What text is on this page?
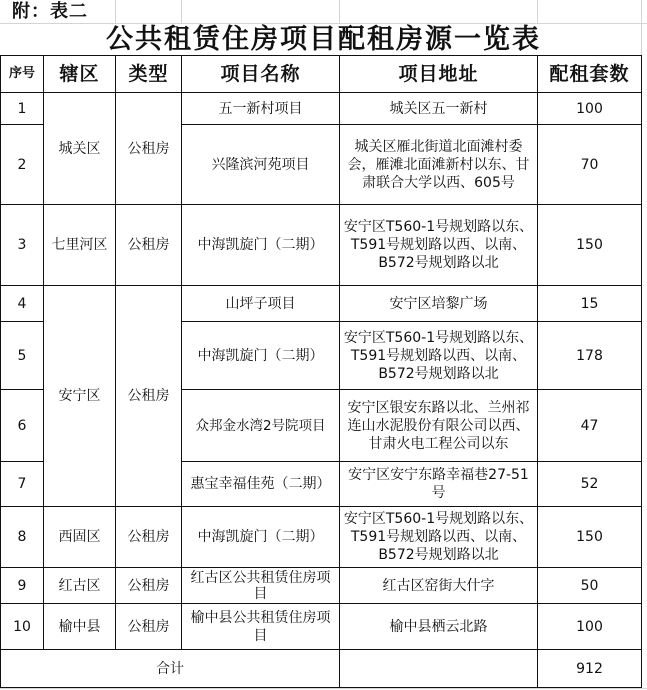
附：表二
公共租赁住房项目配租房源一览表
序号	辖区	类型	项目名称	项目地址	配租套数
1	城关区	公租房	五一新村项目	城关区五一新村	100
2			兴隆滨河苑项目	城关区雁北街道北面滩村委会，雁滩北面滩新村以东、甘肃联合大学以西、605号	70
3	七里河区	公租房	中海凯旋门（二期）	安宁区T560-1号规划路以东、T591号规划路以西、以南、B572号规划路以北	150
4	安宁区	公租房	山坪子项目	安宁区培黎广场	15
5			中海凯旋门（二期）	安宁区T560-1号规划路以东、T591号规划路以西、以南、B572号规划路以北	178
6			众邦金水湾2号院项目	安宁区银安东路以北、兰州祁连山水泥股份有限公司以西、甘肃火电工程公司以东	47
7			惠宝幸福佳苑（二期）	安宁区安宁东路幸福巷27-51号	52
8	西固区	公租房	中海凯旋门（二期）	安宁区T560-1号规划路以东、T591号规划路以西、以南、B572号规划路以北	150
9	红古区	公租房	红古区公共租赁住房项目	红古区窑街大什字	50
10	榆中县	公租房	榆中县公共租赁住房项目	榆中县栖云北路	100
合计					912
